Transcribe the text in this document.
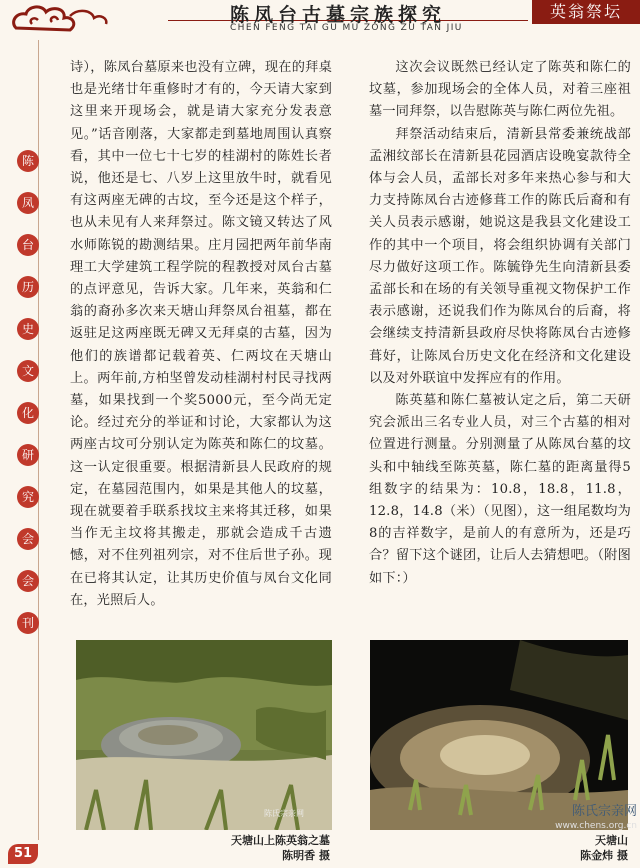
陈凤台古墓宗族探究
CHEN FENG TAI GU MU ZONG ZU TAN JIU
英翁祭坛
陈
凤
台
历
史
文
化
研
究
会
会
刊

诗），陈凤台墓原来也没有立碑，现在的拜桌也是光绪廿年重修时才有的，今天请大家到这里来开现场会，就是请大家充分发表意见。”话音刚落，大家都走到墓地周围认真察看，其中一位七十七岁的桂湖村的陈姓长者说，他还是七、八岁上这里放牛时，就看见有这两座无碑的古坟，至今还是这个样子，也从未见有人来拜祭过。陈文镜又转达了风水师陈锐的勘测结果。庄月园把两年前华南理工大学建筑工程学院的程教授对凤台古墓的点评意见，告诉大家。几年来，英翁和仁翁的裔孙多次来天塘山拜祭凤台祖墓，都在返驻足这两座既无碑又无拜桌的古墓，因为他们的族谱都记载着英、仁两坟在天塘山上。两年前,方柏坚曾发动桂湖村村民寻找两墓，如果找到一个奖5000元，至今尚无定论。经过充分的举证和讨论，大家都认为这两座古坟可分别认定为陈英和陈仁的坟墓。这一认定很重要。根据清新县人民政府的规定，在墓园范围内，如果是其他人的坟墓，现在就要着手联系找坟主来将其迁移，如果当作无主坟将其搬走，那就会造成千古遗憾，对不住列祖列宗，对不住后世子孙。现在已将其认定，让其历史价值与凤台文化同在，光照后人。

这次会议既然已经认定了陈英和陈仁的坟墓，参加现场会的全体人员，对着三座祖墓一同拜祭，以告慰陈英与陈仁两位先祖。

拜祭活动结束后，清新县常委兼统战部孟湘纹部长在清新县花园酒店设晚宴款待全体与会人员，孟部长对多年来热心参与和大力支持陈凤台古迹修葺工作的陈氏后裔和有关人员表示感谢，她说这是我县文化建设工作的其中一个项目，将会组织协调有关部门尽力做好这项工作。陈毓铮先生向清新县委孟部长和在场的有关领导重视文物保护工作表示感谢，还说我们作为陈凤台的后裔，将会继续支持清新县政府尽快将陈凤台古迹修葺好，让陈凤台历史文化在经济和文化建设以及对外联谊中发挥应有的作用。

陈英墓和陈仁墓被认定之后，第二天研究会派出三名专业人员，对三个古墓的相对位置进行测量。分别测量了从陈凤台墓的坟头和中轴线至陈英墓，陈仁墓的距离量得5组数字的结果为：10.8，18.8，11.8，12.8，14.8（米）（见图），这一组尾数均为8的吉祥数字，是前人的有意所为，还是巧合？留下这个谜团，让后人去猜想吧。（附图如下：）

陈氏宗亲网
天塘山上陈英翁之墓
陈明香 摄
天塘山
陈金炜 摄
陈氏宗亲网
www.chens.org.cn
51
